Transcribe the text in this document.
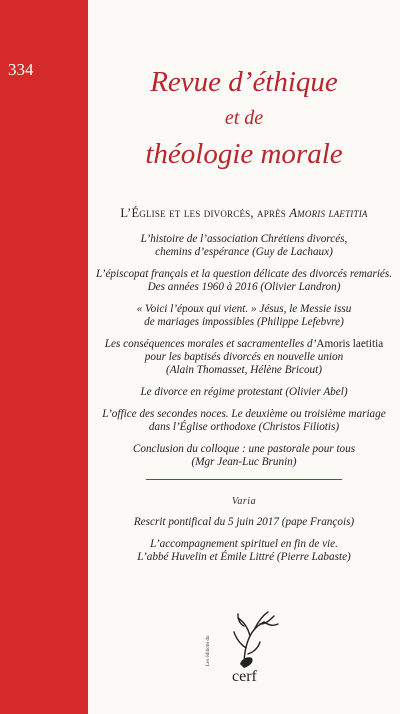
334	Revue d’éthique
et de
théologie morale
L’Église et les divorcés, après Amoris laetitia
L’histoire de l’association Chrétiens divorcés,
chemins d’espérance (Guy de Lachaux)
L’épiscopat français et la question délicate des divorcés remariés.
Des années 1960 à 2016 (Olivier Landron)
« Voici l’époux qui vient. » Jésus, le Messie issu
de mariages impossibles (Philippe Lefebvre)
Les conséquences morales et sacramentelles d’Amoris laetitia
pour les baptisés divorcés en nouvelle union
(Alain Thomasset, Hélène Bricout)
Le divorce en régime protestant (Olivier Abel)
L’office des secondes noces. Le deuxième ou troisième mariage
dans l’Église orthodoxe (Christos Filiotis)
Conclusion du colloque : une pastorale pour tous
(Mgr Jean-Luc Brunin)
Varia
Rescrit pontifical du 5 juin 2017 (pape François)
L’accompagnement spirituel en fin de vie.
L’abbé Huvelin et Émile Littré (Pierre Labaste)
Les éditions du
cerf
